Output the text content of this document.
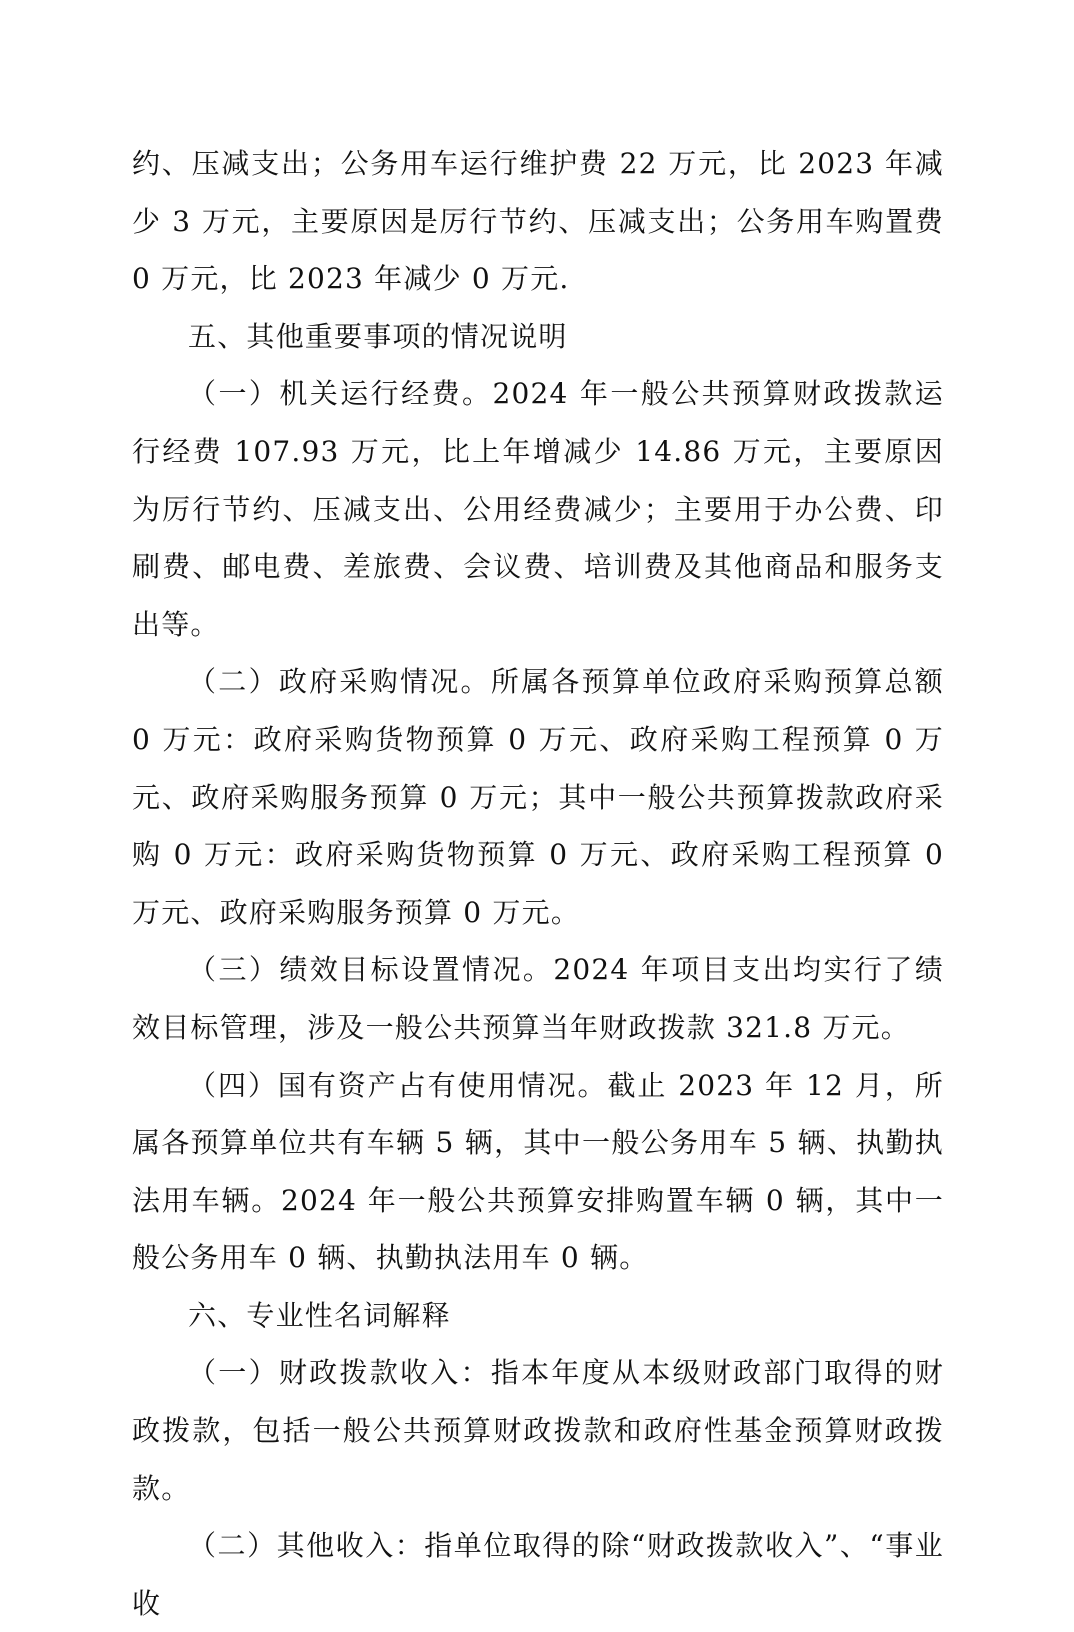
约、压减支出；公务用车运行维护费 22 万元，比 2023 年减少 3 万元，主要原因是厉行节约、压减支出；公务用车购置费 0 万元，比 2023 年减少 0 万元.

五、其他重要事项的情况说明

（一）机关运行经费。2024 年一般公共预算财政拨款运行经费 107.93 万元，比上年增减少 14.86 万元，主要原因为厉行节约、压减支出、公用经费减少；主要用于办公费、印刷费、邮电费、差旅费、会议费、培训费及其他商品和服务支出等。

（二）政府采购情况。所属各预算单位政府采购预算总额 0 万元：政府采购货物预算 0 万元、政府采购工程预算 0 万元、政府采购服务预算 0 万元；其中一般公共预算拨款政府采购 0 万元：政府采购货物预算 0 万元、政府采购工程预算 0 万元、政府采购服务预算 0 万元。

（三）绩效目标设置情况。2024 年项目支出均实行了绩效目标管理，涉及一般公共预算当年财政拨款 321.8 万元。

（四）国有资产占有使用情况。截止 2023 年 12 月，所属各预算单位共有车辆 5 辆，其中一般公务用车 5 辆、执勤执法用车辆。2024 年一般公共预算安排购置车辆 0 辆，其中一般公务用车 0 辆、执勤执法用车 0 辆。

六、专业性名词解释

（一）财政拨款收入：指本年度从本级财政部门取得的财政拨款，包括一般公共预算财政拨款和政府性基金预算财政拨款。

（二）其他收入：指单位取得的除“财政拨款收入”、“事业收
